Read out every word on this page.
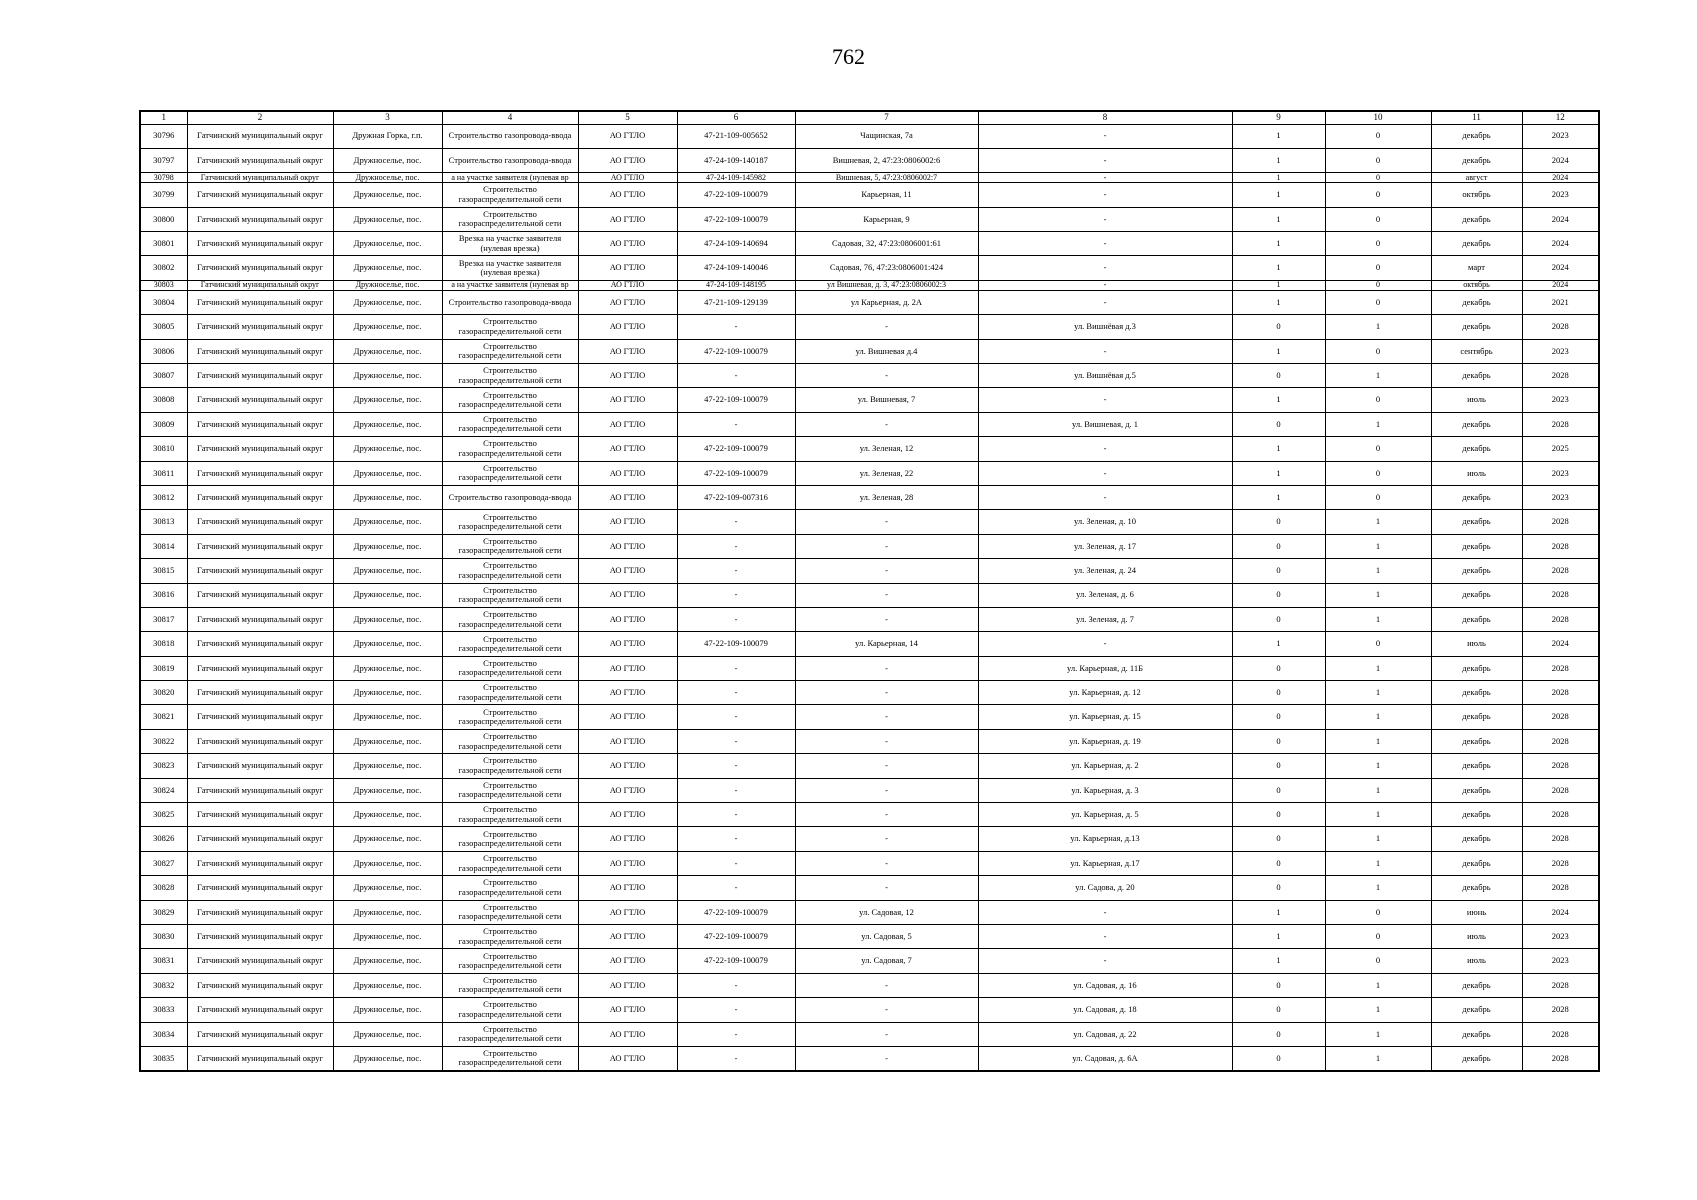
762
1	2	3	4	5	6	7	8	9	10	11	12
30796	Гатчинский муниципальный округ	Дружная Горка, г.п.	Строительство газопровода-ввода	АО ГТЛО	47-21-109-005652	Чащинская, 7а	-	1	0	декабрь	2023
30797	Гатчинский муниципальный округ	Дружноселье, пос.	Строительство газопровода-ввода	АО ГТЛО	47-24-109-140187	Вишневая, 2, 47:23:0806002:6	-	1	0	декабрь	2024
30798	Гатчинский муниципальный округ	Дружноселье, пос.	а на участке заявителя (нулевая вр	АО ГТЛО	47-24-109-145982	Вишневая, 5, 47:23:0806002:7	-	1	0	август	2024
30799	Гатчинский муниципальный округ	Дружноселье, пос.	Строительство газораспределительной сети	АО ГТЛО	47-22-109-100079	Карьерная, 11	-	1	0	октябрь	2023
30800	Гатчинский муниципальный округ	Дружноселье, пос.	Строительство газораспределительной сети	АО ГТЛО	47-22-109-100079	Карьерная, 9	-	1	0	декабрь	2024
30801	Гатчинский муниципальный округ	Дружноселье, пос.	Врезка на участке заявителя (нулевая врезка)	АО ГТЛО	47-24-109-140694	Садовая, 32, 47:23:0806001:61	-	1	0	декабрь	2024
30802	Гатчинский муниципальный округ	Дружноселье, пос.	Врезка на участке заявителя (нулевая врезка)	АО ГТЛО	47-24-109-140046	Садовая, 76, 47:23:0806001:424	-	1	0	март	2024
30803	Гатчинский муниципальный округ	Дружноселье, пос.	а на участке заявителя (нулевая вр	АО ГТЛО	47-24-109-148195	ул Вишневая, д. 3, 47:23:0806002:3	-	1	0	октябрь	2024
30804	Гатчинский муниципальный округ	Дружноселье, пос.	Строительство газопровода-ввода	АО ГТЛО	47-21-109-129139	ул Карьерная, д. 2А	-	1	0	декабрь	2021
30805	Гатчинский муниципальный округ	Дружноселье, пос.	Строительство газораспределительной сети	АО ГТЛО	-	-	ул. Вишнёвая д.3	0	1	декабрь	2028
30806	Гатчинский муниципальный округ	Дружноселье, пос.	Строительство газораспределительной сети	АО ГТЛО	47-22-109-100079	ул. Вишневая д.4	-	1	0	сентябрь	2023
30807	Гатчинский муниципальный округ	Дружноселье, пос.	Строительство газораспределительной сети	АО ГТЛО	-	-	ул. Вишнёвая д.5	0	1	декабрь	2028
30808	Гатчинский муниципальный округ	Дружноселье, пос.	Строительство газораспределительной сети	АО ГТЛО	47-22-109-100079	ул. Вишневая, 7	-	1	0	июль	2023
30809	Гатчинский муниципальный округ	Дружноселье, пос.	Строительство газораспределительной сети	АО ГТЛО	-	-	ул. Вишневая, д. 1	0	1	декабрь	2028
30810	Гатчинский муниципальный округ	Дружноселье, пос.	Строительство газораспределительной сети	АО ГТЛО	47-22-109-100079	ул. Зеленая, 12	-	1	0	декабрь	2025
30811	Гатчинский муниципальный округ	Дружноселье, пос.	Строительство газораспределительной сети	АО ГТЛО	47-22-109-100079	ул. Зеленая, 22	-	1	0	июль	2023
30812	Гатчинский муниципальный округ	Дружноселье, пос.	Строительство газопровода-ввода	АО ГТЛО	47-22-109-007316	ул. Зеленая, 28	-	1	0	декабрь	2023
30813	Гатчинский муниципальный округ	Дружноселье, пос.	Строительство газораспределительной сети	АО ГТЛО	-	-	ул. Зеленая, д. 10	0	1	декабрь	2028
30814	Гатчинский муниципальный округ	Дружноселье, пос.	Строительство газораспределительной сети	АО ГТЛО	-	-	ул. Зеленая, д. 17	0	1	декабрь	2028
30815	Гатчинский муниципальный округ	Дружноселье, пос.	Строительство газораспределительной сети	АО ГТЛО	-	-	ул. Зеленая, д. 24	0	1	декабрь	2028
30816	Гатчинский муниципальный округ	Дружноселье, пос.	Строительство газораспределительной сети	АО ГТЛО	-	-	ул. Зеленая, д. 6	0	1	декабрь	2028
30817	Гатчинский муниципальный округ	Дружноселье, пос.	Строительство газораспределительной сети	АО ГТЛО	-	-	ул. Зеленая, д. 7	0	1	декабрь	2028
30818	Гатчинский муниципальный округ	Дружноселье, пос.	Строительство газораспределительной сети	АО ГТЛО	47-22-109-100079	ул. Карьерная, 14	-	1	0	июль	2024
30819	Гатчинский муниципальный округ	Дружноселье, пос.	Строительство газораспределительной сети	АО ГТЛО	-	-	ул. Карьерная, д. 11Б	0	1	декабрь	2028
30820	Гатчинский муниципальный округ	Дружноселье, пос.	Строительство газораспределительной сети	АО ГТЛО	-	-	ул. Карьерная, д. 12	0	1	декабрь	2028
30821	Гатчинский муниципальный округ	Дружноселье, пос.	Строительство газораспределительной сети	АО ГТЛО	-	-	ул. Карьерная, д. 15	0	1	декабрь	2028
30822	Гатчинский муниципальный округ	Дружноселье, пос.	Строительство газораспределительной сети	АО ГТЛО	-	-	ул. Карьерная, д. 19	0	1	декабрь	2028
30823	Гатчинский муниципальный округ	Дружноселье, пос.	Строительство газораспределительной сети	АО ГТЛО	-	-	ул. Карьерная, д. 2	0	1	декабрь	2028
30824	Гатчинский муниципальный округ	Дружноселье, пос.	Строительство газораспределительной сети	АО ГТЛО	-	-	ул. Карьерная, д. 3	0	1	декабрь	2028
30825	Гатчинский муниципальный округ	Дружноселье, пос.	Строительство газораспределительной сети	АО ГТЛО	-	-	ул. Карьерная, д. 5	0	1	декабрь	2028
30826	Гатчинский муниципальный округ	Дружноселье, пос.	Строительство газораспределительной сети	АО ГТЛО	-	-	ул. Карьерная, д.13	0	1	декабрь	2028
30827	Гатчинский муниципальный округ	Дружноселье, пос.	Строительство газораспределительной сети	АО ГТЛО	-	-	ул. Карьерная, д.17	0	1	декабрь	2028
30828	Гатчинский муниципальный округ	Дружноселье, пос.	Строительство газораспределительной сети	АО ГТЛО	-	-	ул. Садова, д. 20	0	1	декабрь	2028
30829	Гатчинский муниципальный округ	Дружноселье, пос.	Строительство газораспределительной сети	АО ГТЛО	47-22-109-100079	ул. Садовая, 12	-	1	0	июнь	2024
30830	Гатчинский муниципальный округ	Дружноселье, пос.	Строительство газораспределительной сети	АО ГТЛО	47-22-109-100079	ул. Садовая, 5	-	1	0	июль	2023
30831	Гатчинский муниципальный округ	Дружноселье, пос.	Строительство газораспределительной сети	АО ГТЛО	47-22-109-100079	ул. Садовая, 7	-	1	0	июль	2023
30832	Гатчинский муниципальный округ	Дружноселье, пос.	Строительство газораспределительной сети	АО ГТЛО	-	-	ул. Садовая, д. 16	0	1	декабрь	2028
30833	Гатчинский муниципальный округ	Дружноселье, пос.	Строительство газораспределительной сети	АО ГТЛО	-	-	ул. Садовая, д. 18	0	1	декабрь	2028
30834	Гатчинский муниципальный округ	Дружноселье, пос.	Строительство газораспределительной сети	АО ГТЛО	-	-	ул. Садовая, д. 22	0	1	декабрь	2028
30835	Гатчинский муниципальный округ	Дружноселье, пос.	Строительство газораспределительной сети	АО ГТЛО	-	-	ул. Садовая, д. 6А	0	1	декабрь	2028
